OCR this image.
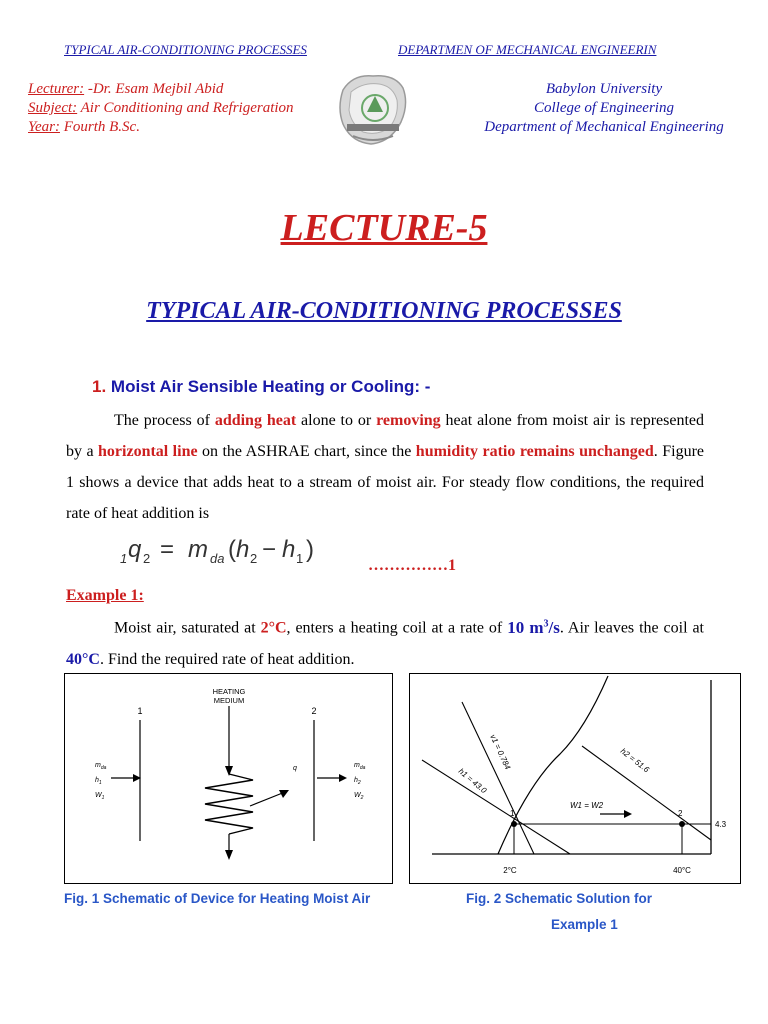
TYPICAL AIR-CONDITIONING PROCESSES	DEPARTMEN OF MECHANICAL ENGINEERIN
Lecturer: -Dr. Esam Mejbil Abid
Subject: Air Conditioning and Refrigeration
Year: Fourth B.Sc.
Babylon University
College of Engineering
Department of Mechanical Engineering
LECTURE-5
TYPICAL AIR-CONDITIONING PROCESSES
1. Moist Air Sensible Heating or Cooling: -
The process of adding heat alone to or removing heat alone from moist air is represented by a horizontal line on the ASHRAE chart, since the humidity ratio remains unchanged. Figure 1 shows a device that adds heat to a stream of moist air. For steady flow conditions, the required rate of heat addition is
1 q 2 = m da ( h 2 − h 1 )
……………1
Example 1:
Moist air, saturated at 2°C, enters a heating coil at a rate of 10 $m^3/s$. Air leaves the coil at 40°C. Find the required rate of heat addition.
HEATING
MEDIUM
1	2
q
$m_{da}$
$h_1$
$W_1$
$m_{da}$
$h_2$
$W_2$
1	2
W1 = W2
4.3
2°C	40°C
v1 = 0.784
h1 = 43.0
h2 = 51.6
Fig. 1 Schematic of Device for Heating Moist Air	Fig. 2 Schematic Solution for
Example 1
